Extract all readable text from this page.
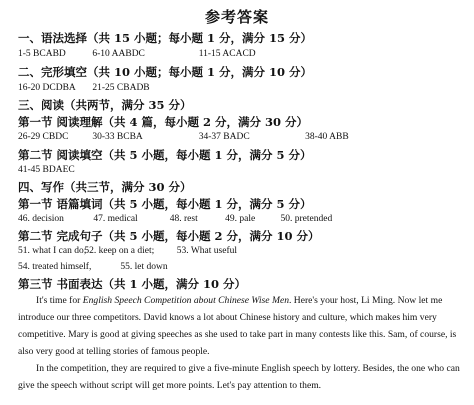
参考答案
一、语法选择（共 15 小题；每小题 1 分，满分 15 分）
1-5 BCABD	6-10 AABDC	11-15 ACACD
二、完形填空（共 10 小题；每小题 1 分，满分 10 分）
16-20 DCDBA 21-25 CBADB
三、阅读（共两节，满分 35 分）
第一节 阅读理解（共 4 篇，每小题 2 分，满分 30 分）
26-29 CBDC	30-33 BCBA	34-37 BADC	38-40 ABB
第二节 阅读填空（共 5 小题，每小题 1 分，满分 5 分）
41-45 BDAEC
四、写作（共三节，满分 30 分）
第一节 语篇填词（共 5 小题，每小题 1 分，满分 5 分）
46. decision	47. medical	48. rest	49. pale	50. pretended
第二节 完成句子（共 5 小题，每小题 2 分，满分 10 分）
51. what I can do; 52. keep on a diet; 53. What useful
54. treated himself,	55. let down
第三节 书面表达（共 1 小题，满分 10 分）
It's time for English Speech Competition about Chinese Wise Men. Here's your host, Li Ming. Now let me introduce our three competitors. David knows a lot about Chinese history and culture, which makes him very competitive. Mary is good at giving speeches as she used to take part in many contests like this. Sam, of course, is also very good at telling stories of famous people.
In the competition, they are required to give a five-minute English speech by lottery. Besides, the one who can give the speech without script will get more points. Let's pay attention to them.
